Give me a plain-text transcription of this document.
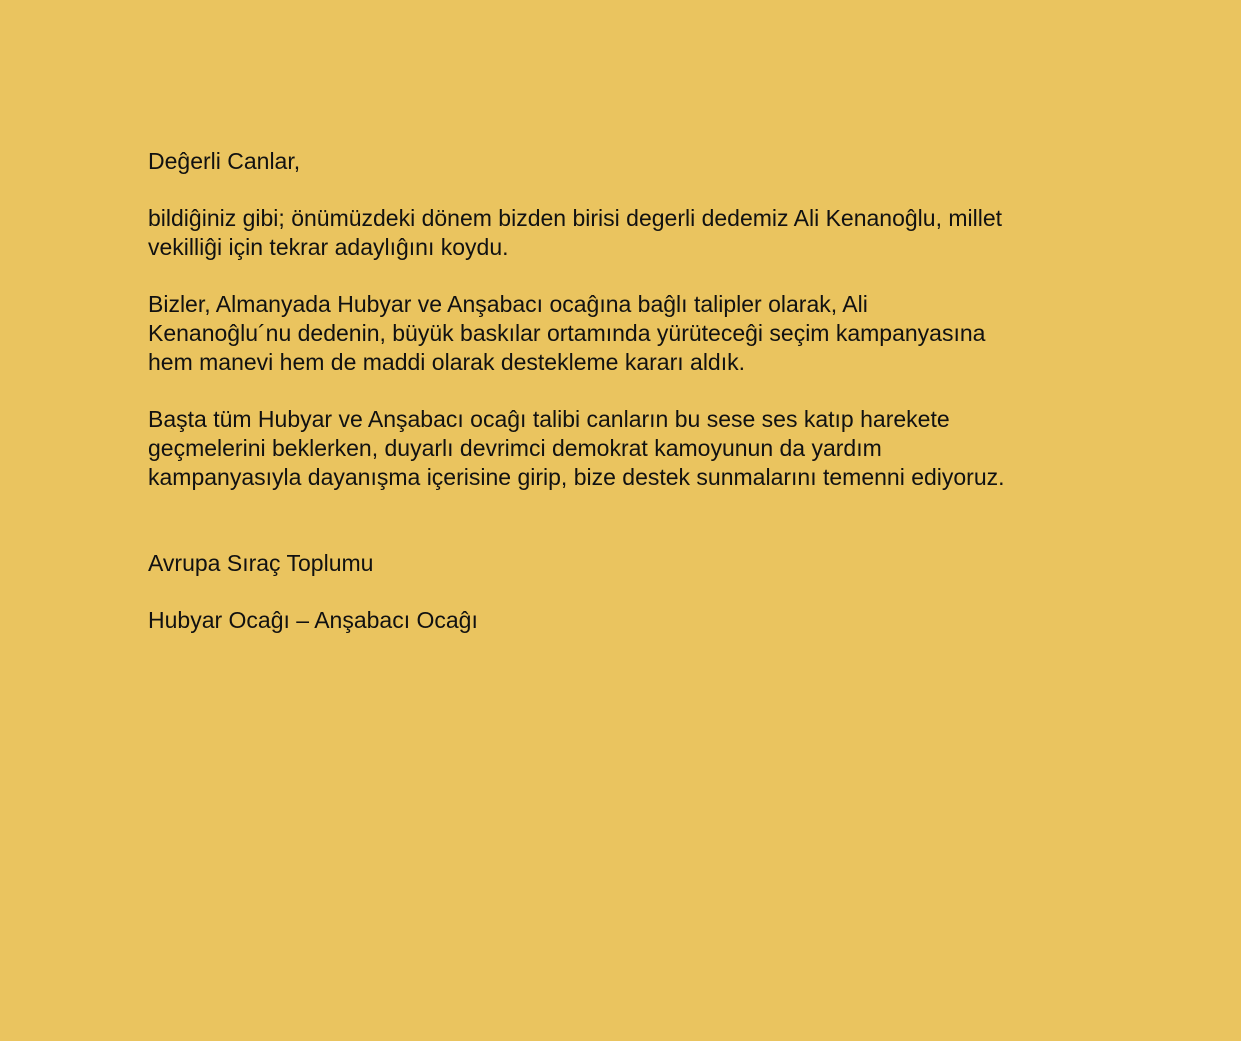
Deĝerli Canlar,

bildiĝiniz gibi; önümüzdeki dönem bizden birisi degerli dedemiz Ali Kenanoĝlu, millet
vekilliĝi için tekrar adaylıĝını koydu.

Bizler, Almanyada Hubyar ve Anşabacı ocaĝına baĝlı talipler olarak, Ali
Kenanoĝlu´nu dedenin, büyük baskılar ortamında yürüteceĝi seçim kampanyasına
hem manevi hem de maddi olarak destekleme kararı aldık.

Başta tüm Hubyar ve Anşabacı ocaĝı talibi canların bu sese ses katıp harekete
geçmelerini beklerken, duyarlı devrimci demokrat kamoyunun da yardım
kampanyasıyla dayanışma içerisine girip, bize destek sunmalarını temenni ediyoruz.

Avrupa Sıraç Toplumu

Hubyar Ocaĝı – Anşabacı Ocaĝı
